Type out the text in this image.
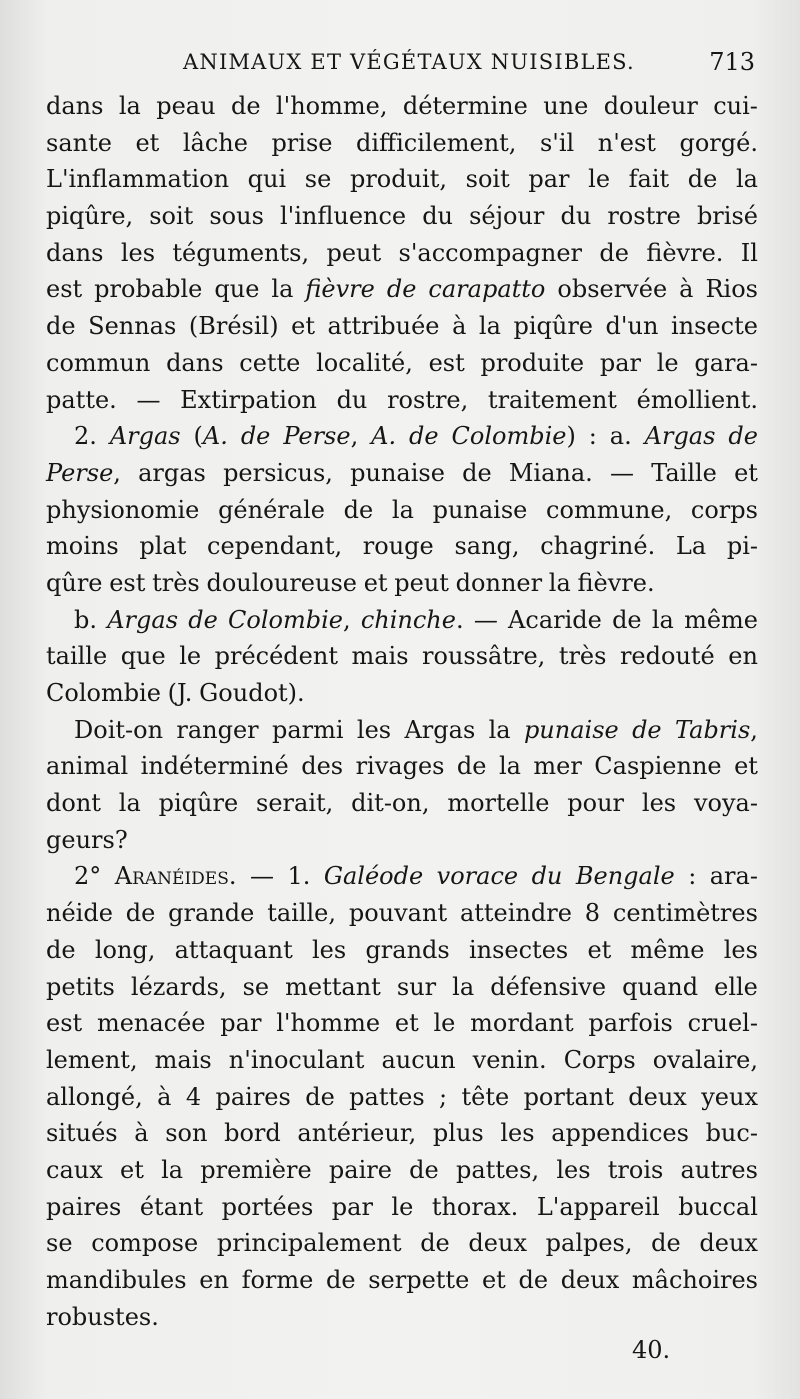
ANIMAUX ET VÉGÉTAUX NUISIBLES.	713
dans la peau de l'homme, détermine une douleur cui-
sante et lâche prise difficilement, s'il n'est gorgé.
L'inflammation qui se produit, soit par le fait de la
piqûre, soit sous l'influence du séjour du rostre brisé
dans les téguments, peut s'accompagner de fièvre. Il
est probable que la fièvre de carapatto observée à Rios
de Sennas (Brésil) et attribuée à la piqûre d'un insecte
commun dans cette localité, est produite par le gara-
patte. — Extirpation du rostre, traitement émollient.
2. Argas (A. de Perse, A. de Colombie) : a. Argas de
Perse, argas persicus, punaise de Miana. — Taille et
physionomie générale de la punaise commune, corps
moins plat cependant, rouge sang, chagriné. La pi-
qûre est très douloureuse et peut donner la fièvre.
b. Argas de Colombie, chinche. — Acaride de la même
taille que le précédent mais roussâtre, très redouté en
Colombie (J. Goudot).
Doit-on ranger parmi les Argas la punaise de Tabris,
animal indéterminé des rivages de la mer Caspienne et
dont la piqûre serait, dit-on, mortelle pour les voya-
geurs?
2° Aranéides. — 1. Galéode vorace du Bengale : ara-
néide de grande taille, pouvant atteindre 8 centimètres
de long, attaquant les grands insectes et même les
petits lézards, se mettant sur la défensive quand elle
est menacée par l'homme et le mordant parfois cruel-
lement, mais n'inoculant aucun venin. Corps ovalaire,
allongé, à 4 paires de pattes ; tête portant deux yeux
situés à son bord antérieur, plus les appendices buc-
caux et la première paire de pattes, les trois autres
paires étant portées par le thorax. L'appareil buccal
se compose principalement de deux palpes, de deux
mandibules en forme de serpette et de deux mâchoires
robustes.
40.
